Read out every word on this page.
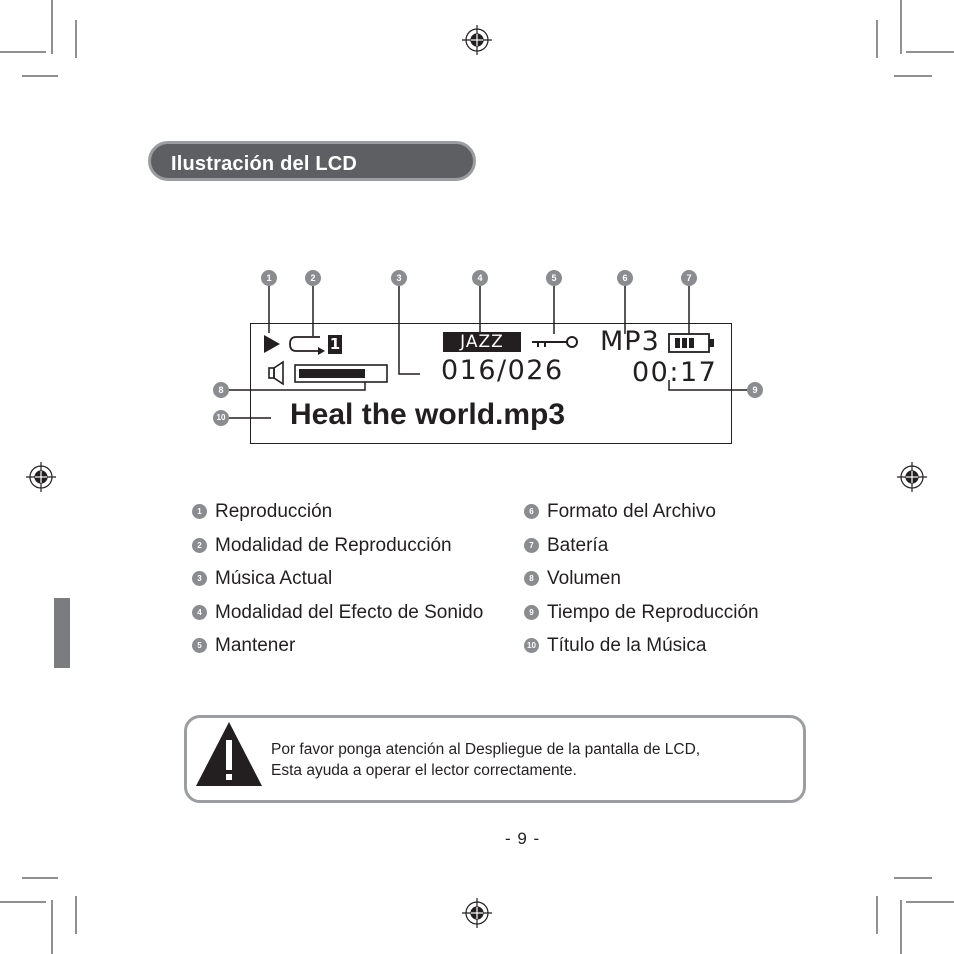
Ilustración del LCD
JAZZ
1	MP3
016/026	00:17
Heal the world.mp3
1	2	3	4	5	6	7
8	9
10
1 Reproducción
2 Modalidad de Reproducción
3 Música Actual
4 Modalidad del Efecto de Sonido
5 Mantener
6 Formato del Archivo
7 Batería
8 Volumen
9 Tiempo de Reproducción
10 Título de la Música
Por favor ponga atención al Despliegue de la pantalla de LCD,
Esta ayuda a operar el lector correctamente.
- 9 -
